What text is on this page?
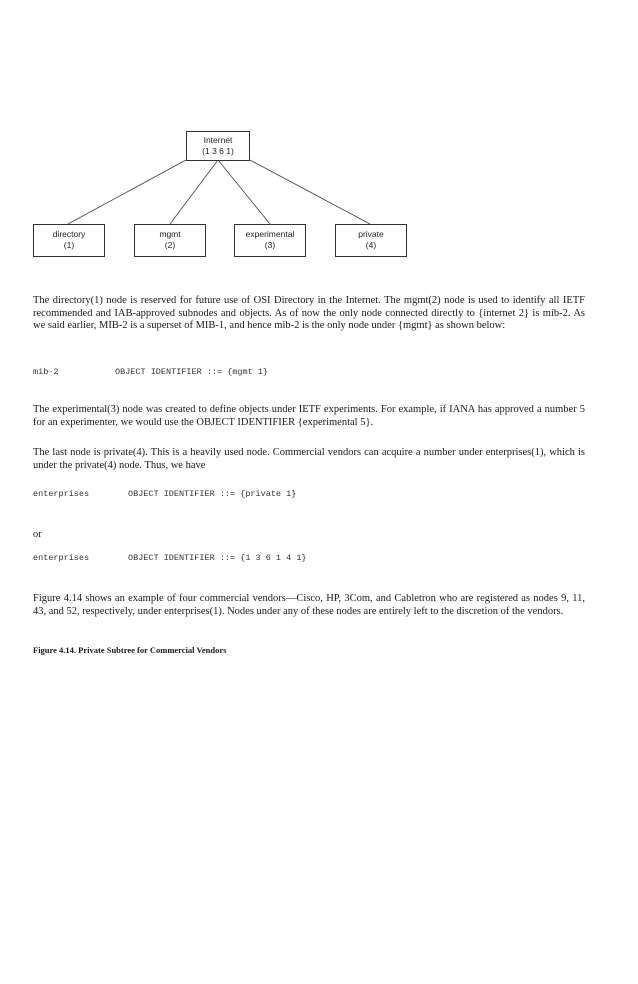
Internet
(1 3 6 1)
directory
(1)
mgmt
(2)
experimental
(3)
private
(4)

The directory(1) node is reserved for future use of OSI Directory in the Internet. The mgmt(2) node is used to identify all IETF recommended and IAB-approved subnodes and objects. As of now the only node connected directly to {internet 2} is mib-2. As we said earlier, MIB-2 is a superset of MIB-1, and hence mib-2 is the only node under {mgmt} as shown below:

mib-2	OBJECT IDENTIFIER ::= {mgmt 1}

The experimental(3) node was created to define objects under IETF experiments. For example, if IANA has approved a number 5 for an experimenter, we would use the OBJECT IDENTIFIER {experimental 5}.

The last node is private(4). This is a heavily used node. Commercial vendors can acquire a number under enterprises(1), which is under the private(4) node. Thus, we have

enterprises	OBJECT IDENTIFIER ::= {private 1}

or

enterprises	OBJECT IDENTIFIER ::= {1 3 6 1 4 1}

Figure 4.14 shows an example of four commercial vendors—Cisco, HP, 3Com, and Cabletron who are registered as nodes 9, 11, 43, and 52, respectively, under enterprises(1). Nodes under any of these nodes are entirely left to the discretion of the vendors.

Figure 4.14. Private Subtree for Commercial Vendors
